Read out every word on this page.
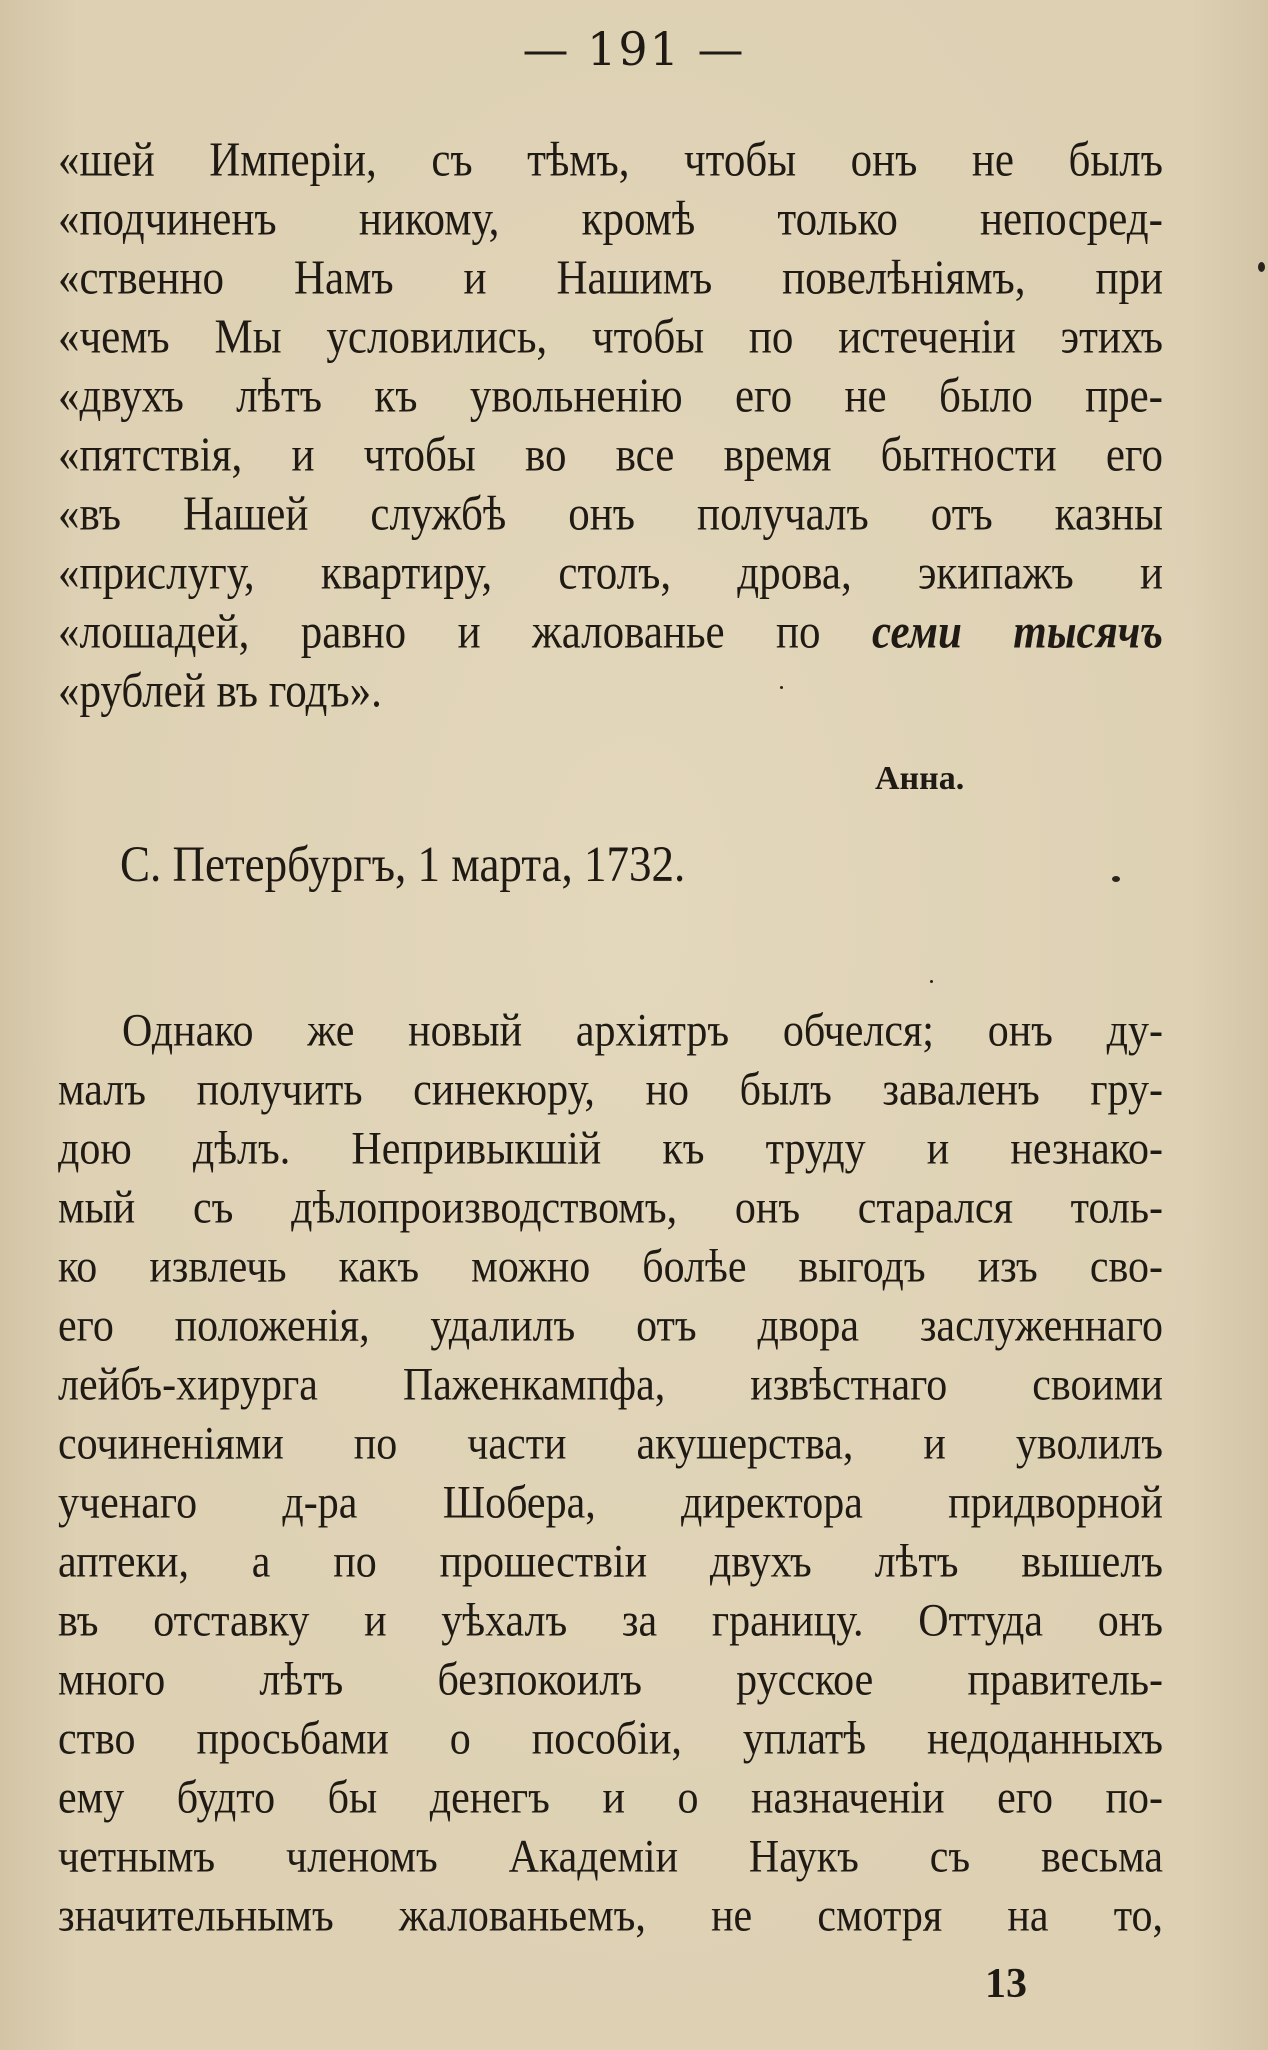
— 191 —
«шей Имперіи, съ тѣмъ, чтобы онъ не былъ
«подчиненъ никому, кромѣ только непосред-
«ственно Намъ и Нашимъ повелѣніямъ, при
«чемъ Мы условились, чтобы по истеченіи этихъ
«двухъ лѣтъ къ увольненію его не было пре-
«пятствія, и чтобы во все время бытности его
«въ Нашей службѣ онъ получалъ отъ казны
«прислугу, квартиру, столъ, дрова, экипажъ и
«лошадей, равно и жалованье по семи тысячъ
«рублей въ годъ».
Анна.
С. Петербургъ, 1 марта, 1732.
Однако же новый архіятръ обчелся; онъ ду-
малъ получить синекюру, но былъ заваленъ гру-
дою дѣлъ. Непривыкшій къ труду и незнако-
мый съ дѣлопроизводствомъ, онъ старался толь-
ко извлечь какъ можно болѣе выгодъ изъ сво-
его положенія, удалилъ отъ двора заслуженнаго
лейбъ-хирурга Паженкампфа, извѣстнаго своими
сочиненіями по части акушерства, и уволилъ
ученаго д-ра Шобера, директора придворной
аптеки, а по прошествіи двухъ лѣтъ вышелъ
въ отставку и уѣхалъ за границу. Оттуда онъ
много лѣтъ безпокоилъ русское правитель-
ство просьбами о пособіи, уплатѣ недоданныхъ
ему будто бы денегъ и о назначеніи его по-
четнымъ членомъ Академіи Наукъ съ весьма
значительнымъ жалованьемъ, не смотря на то,
13
